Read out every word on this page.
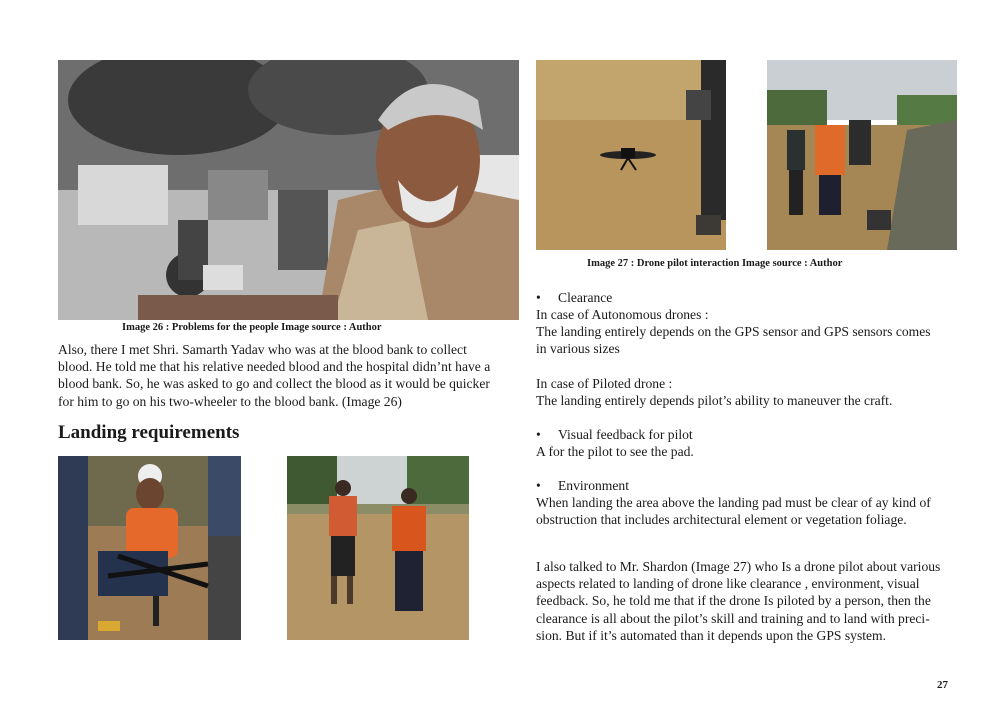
Image 26 : Problems for the people Image source : Author
Also, there I met Shri. Samarth Yadav who was at the blood bank to collect
blood. He told me that his relative needed blood and the hospital didn’nt have a
blood bank. So, he was asked to go and collect the blood as it would be quicker
for him to go on his two-wheeler to the blood bank. (Image 26)
Landing requirements
Image 27 : Drone pilot interaction Image source : Author
• Clearance
In case of Autonomous drones :
The landing entirely depends on the GPS sensor and GPS sensors comes
in various sizes
In case of Piloted drone :
The landing entirely depends pilot’s ability to maneuver the craft.
• Visual feedback for pilot
A for the pilot to see the pad.
• Environment
When landing the area above the landing pad must be clear of ay kind of
obstruction that includes architectural element or vegetation foliage.
I also talked to Mr. Shardon (Image 27) who Is a drone pilot about various
aspects related to landing of drone like clearance , environment, visual
feedback. So, he told me that if the drone Is piloted by a person, then the
clearance is all about the pilot’s skill and training and to land with preci-
sion. But if it’s automated than it depends upon the GPS system.
27
